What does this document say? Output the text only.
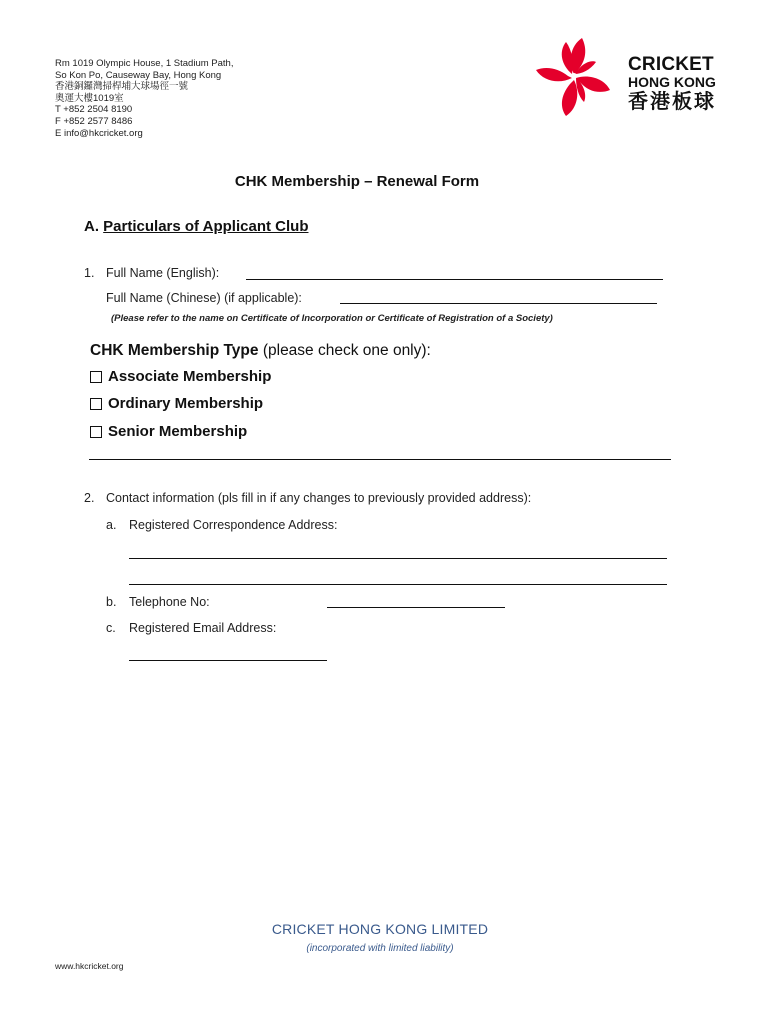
Rm 1019 Olympic House, 1 Stadium Path,
So Kon Po, Causeway Bay, Hong Kong
香港銅鑼灣掃桿埔大球場徑一號
奧運大樓1019室
T +852 2504 8190
F +852 2577 8486
E info@hkcricket.org
CRICKET
HONG KONG
香港板球
CHK Membership – Renewal Form
A. Particulars of Applicant Club
1. Full Name (English):
Full Name (Chinese) (if applicable):
(Please refer to the name on Certificate of Incorporation or Certificate of Registration of a Society)
CHK Membership Type (please check one only):
Associate Membership
Ordinary Membership
Senior Membership
2. Contact information (pls fill in if any changes to previously provided address):
a. Registered Correspondence Address:
b. Telephone No:
c. Registered Email Address:
CRICKET HONG KONG LIMITED
(incorporated with limited liability)
www.hkcricket.org
